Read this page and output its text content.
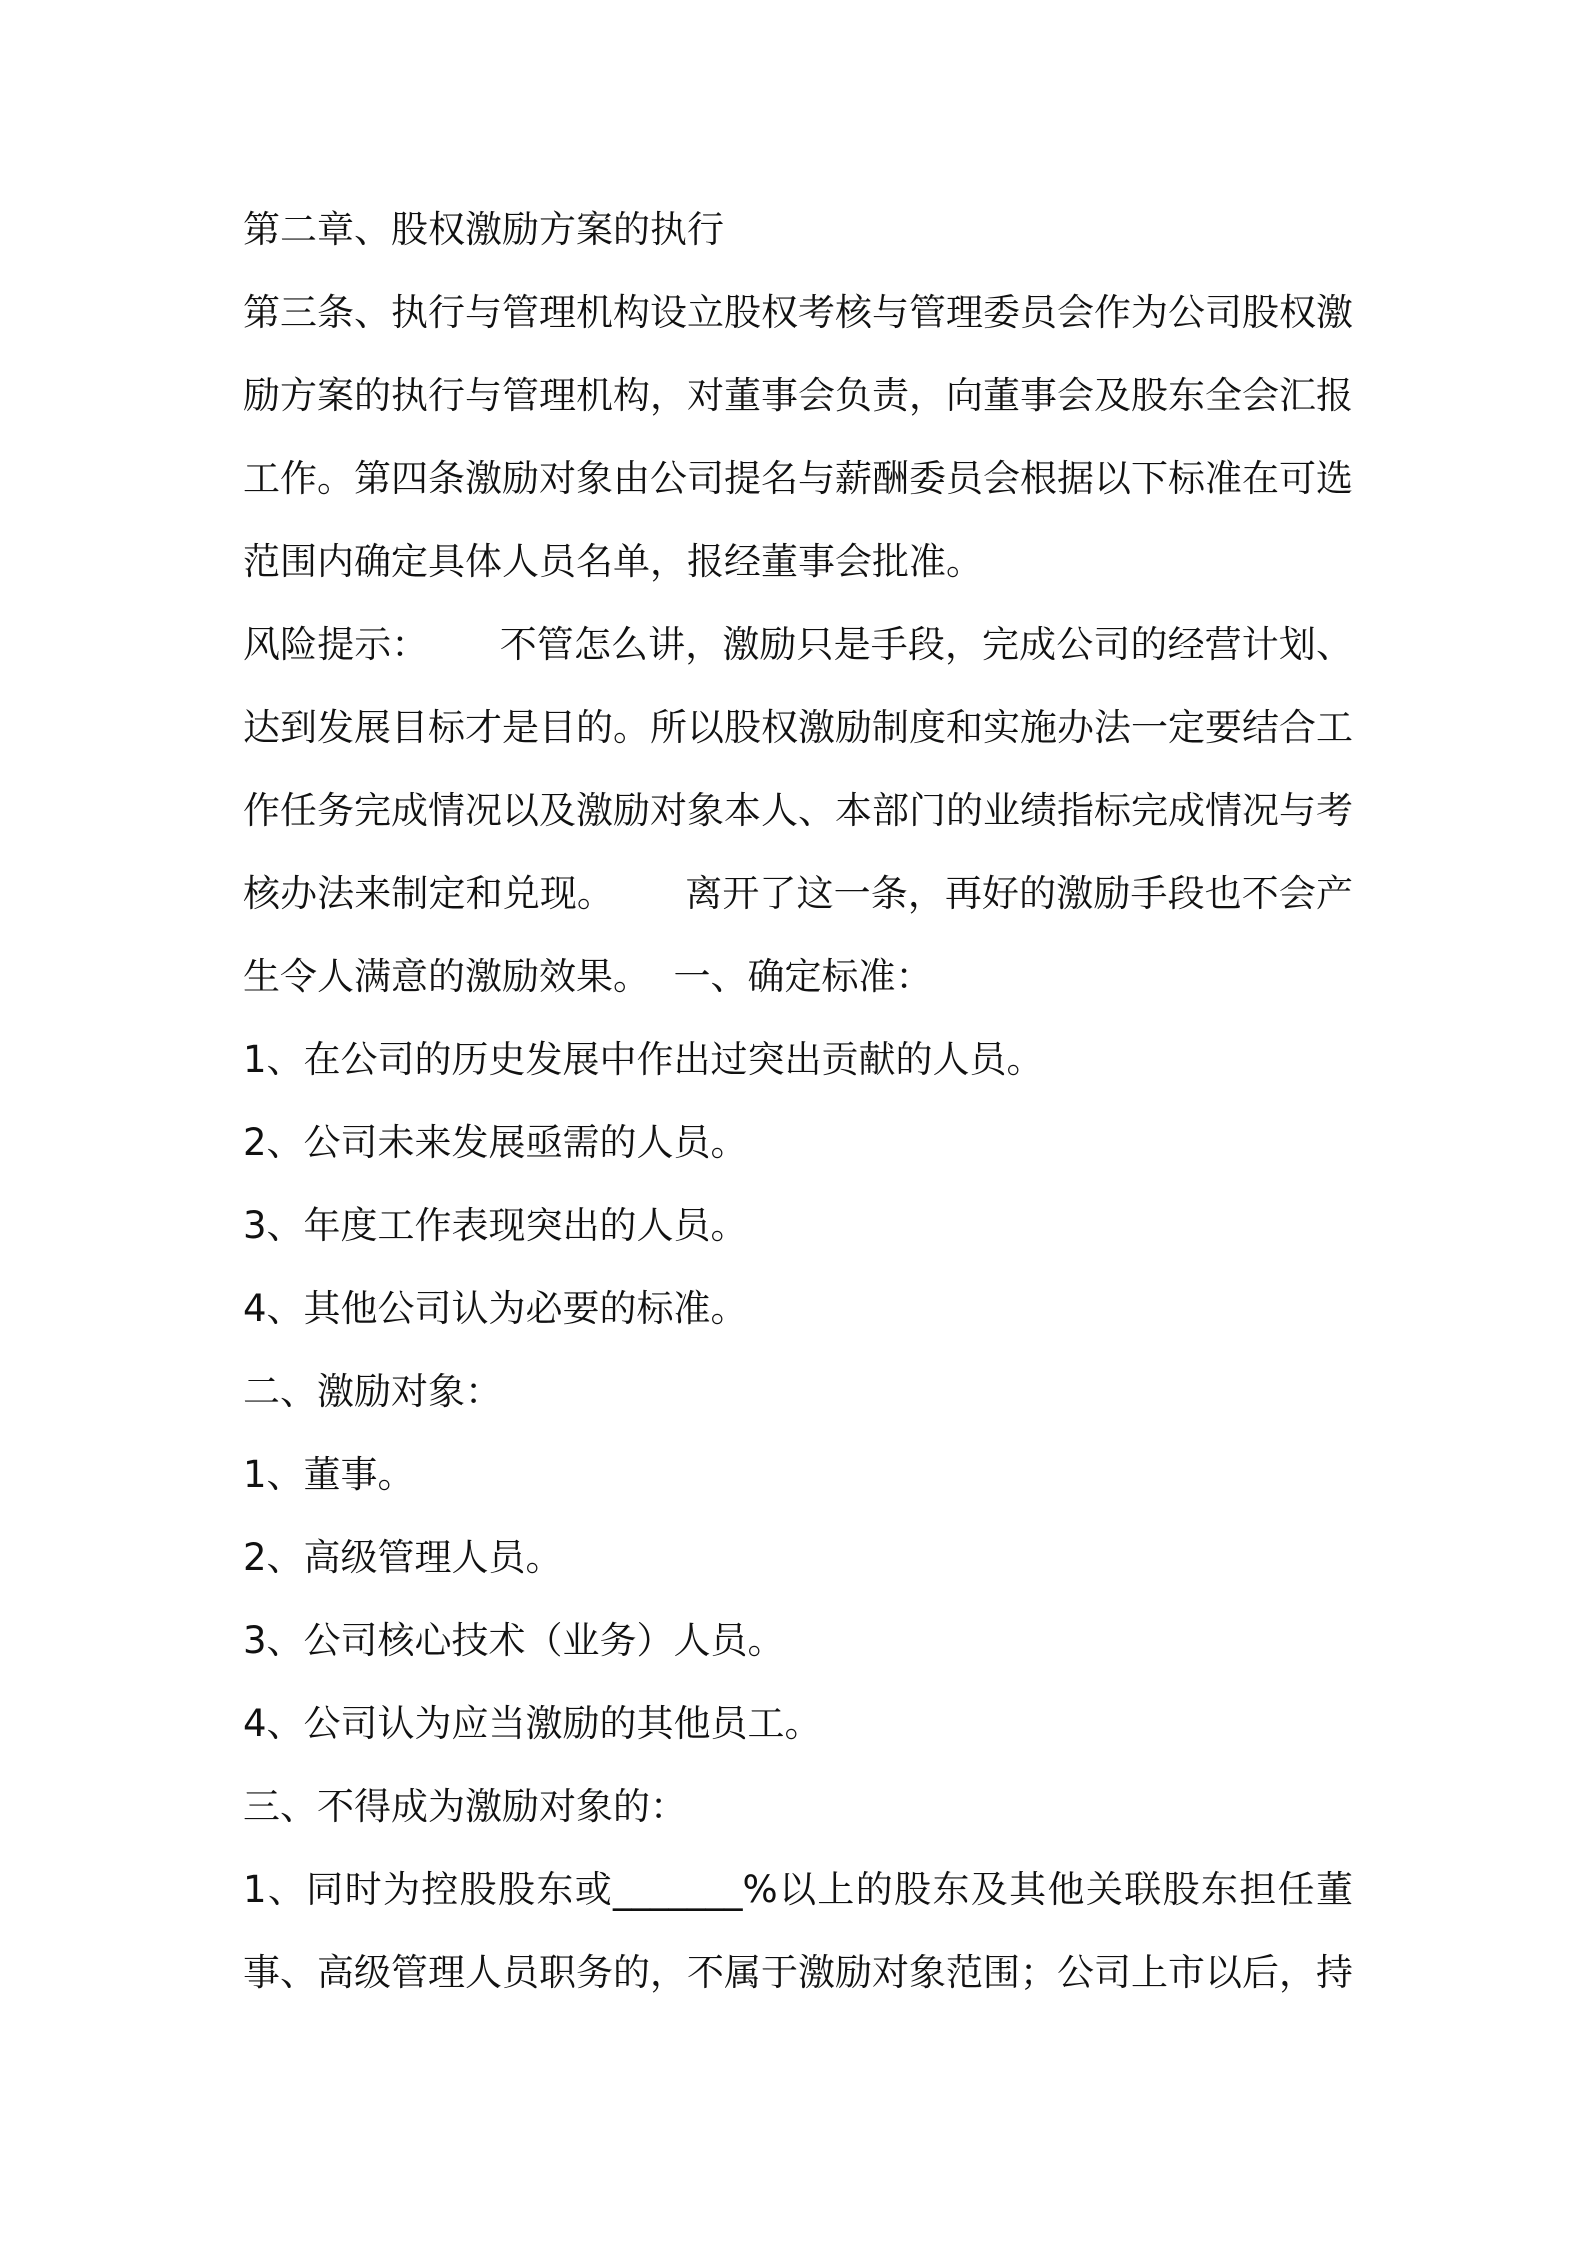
第二章、股权激励方案的执行
第三条、执行与管理机构设立股权考核与管理委员会作为公司股权激
励方案的执行与管理机构，对董事会负责，向董事会及股东全会汇报
工作。第四条激励对象由公司提名与薪酬委员会根据以下标准在可选
范围内确定具体人员名单，报经董事会批准。
风险提示：      不管怎么讲，激励只是手段，完成公司的经营计划、
达到发展目标才是目的。所以股权激励制度和实施办法一定要结合工
作任务完成情况以及激励对象本人、本部门的业绩指标完成情况与考
核办法来制定和兑现。      离开了这一条，再好的激励手段也不会产
生令人满意的激励效果。  一、确定标准：
1、在公司的历史发展中作出过突出贡献的人员。
2、公司未来发展亟需的人员。
3、年度工作表现突出的人员。
4、其他公司认为必要的标准。
二、激励对象：
1、董事。
2、高级管理人员。
3、公司核心技术（业务）人员。
4、公司认为应当激励的其他员工。
三、不得成为激励对象的：
1、同时为控股股东或_______%以上的股东及其他关联股东担任董
事、高级管理人员职务的，不属于激励对象范围；公司上市以后，持
